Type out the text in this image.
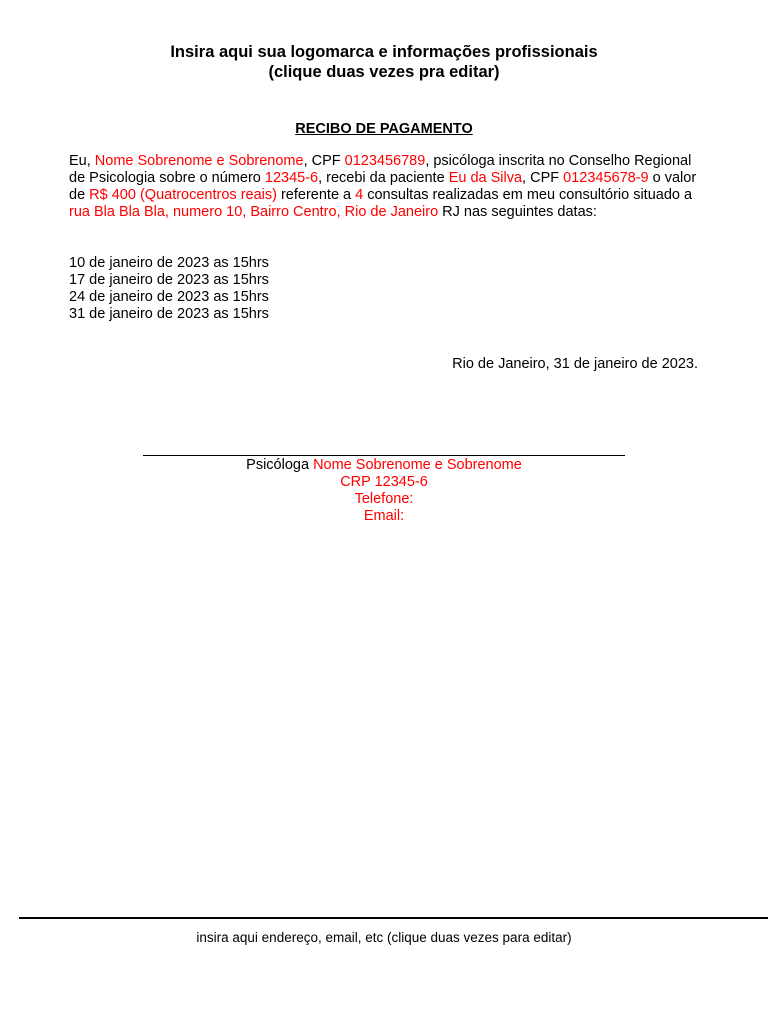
Insira aqui sua logomarca e informações profissionais
(clique duas vezes pra editar)
RECIBO DE PAGAMENTO
Eu, Nome Sobrenome e Sobrenome, CPF 0123456789, psicóloga inscrita no Conselho Regional de Psicologia sobre o número 12345-6, recebi da paciente Eu da Silva, CPF 012345678-9 o valor de R$ 400 (Quatrocentros reais) referente a 4 consultas realizadas em meu consultório situado a rua Bla Bla Bla, numero 10, Bairro Centro, Rio de Janeiro RJ nas seguintes datas:
10 de janeiro de 2023 as 15hrs
17 de janeiro de 2023 as 15hrs
24 de janeiro de 2023 as 15hrs
31 de janeiro de 2023 as 15hrs
Rio de Janeiro, 31 de janeiro de 2023.
Psicóloga Nome Sobrenome e Sobrenome
CRP 12345-6
Telefone:
Email:
insira aqui endereço, email, etc (clique duas vezes para editar)
